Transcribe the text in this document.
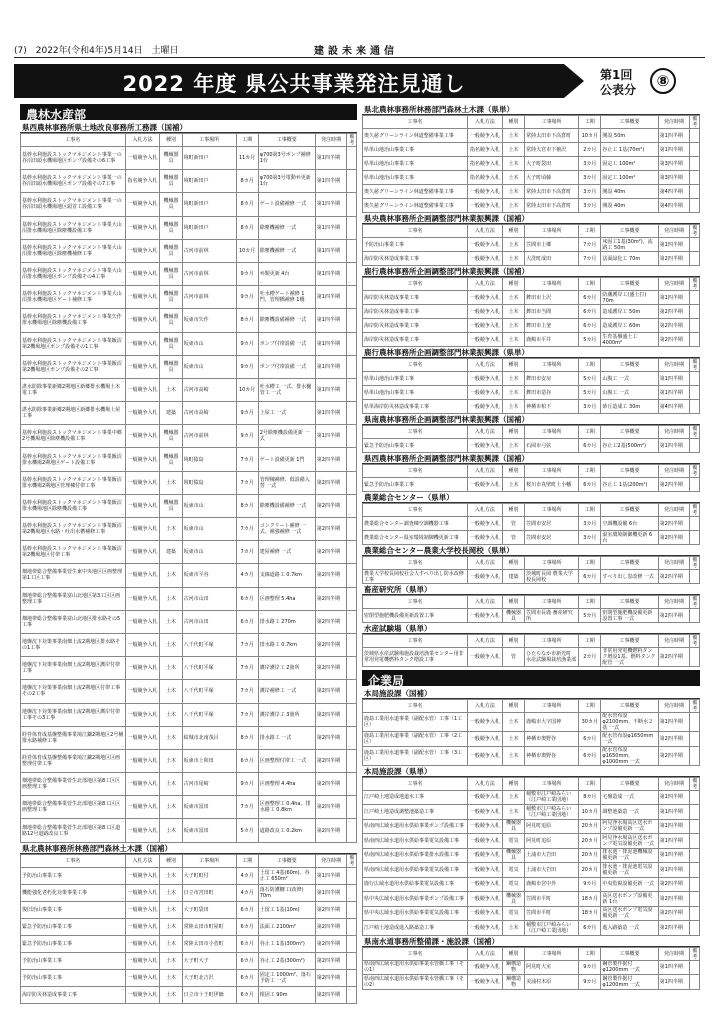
(7)　2022年(令和4年)5月14日　土曜日	建設未来通信
2022 年度 県公共事業発注見通し	第1回
公表分	⑧
農林水産部
県西農林事務所県土地改良事務所工務課（国補）
工事名	入札方法	種別	工事場所	工期	工事概要	発注時期	備考
基幹水利施設ストックマネジメント事業一の谷沼田頭水機場地区ポンプ設備その6工事	一般競争入札	機械器具	境町新田戸	11カ月	φ700第3号ポンプ補修 1台	第1四半期	
基幹水利施設ストックマネジメント事業一の谷沼田頭水機場地区ポンプ設備その7工事	指名競争入札	機械器具	境町新田戸	8カ月	φ700第3号電動弁更新 1台	第1四半期	
基幹水利施設ストックマネジメント事業一の谷沼田頭水機場地区頭首工設備工事	一般競争入札	機械器具	境町新田戸	8カ月	ゲート設備補修 一式	第1四半期	
基幹水利施設ストックマネジメント事業大山沼排水機場地区除塵機設備工事	一般競争入札	機械器具	境町新田戸	8カ月	除塵機補修 一式	第1四半期	
基幹水利施設ストックマネジメント事業大山沼排水機場地区除塵機補修工事	一般競争入札	機械器具	古河市前林	10カ月	除塵機補修 一式	第1四半期	
基幹水利施設ストックマネジメント事業大山沼排水機場地区ポンプ設備その4工事	一般競争入札	機械器具	古河市前林	9カ月	弁類更新 4台	第1四半期	
基幹水利施設ストックマネジメント事業大山沼排水機場地区ゲート補修工事	一般競争入札	機械器具	古河市前林	9カ月	吐水槽ゲート補修 1門、管理橋補修 1橋	第1四半期	
基幹水利施設ストックマネジメント事業矢作排水機場地区除塵機設備工事	一般競争入札	機械器具	坂東市矢作	8カ月	除塵機設備補修 一式	第1四半期	
基幹水利施設ストックマネジメント事業飯沼第2機場地区ポンプ設備その1工事	一般競争入札	機械器具	坂東市山	9カ月	ポンプ付帯設備 一式	第1四半期	
基幹水利施設ストックマネジメント事業飯沼第2機場地区ポンプ設備その2工事	一般競争入札	機械器具	坂東市山	9カ月	ポンプ付帯設備 一式	第1四半期	
湛水防除事業新郷2期地区新郷排水機場土木電工事	一般競争入札	土木	古河市高崎	10カ月	吐水槽工 一式、排水樋管工 一式	第1四半期	
湛水防除事業新郷2期地区新郷排水機場上屋工事	一般競争入札	建築	古河市高崎	9カ月	上屋工 一式	第1四半期	
基幹水利施設ストックマネジメント事業中郷2号機場地区除塵機設備工事	一般競争入札	機械器具	古河市前林	9カ月	2号除塵機設備更新 一式	第1四半期	
基幹水利施設ストックマネジメント事業飯沼排水機場2期地区ゲート設備工事	一般競争入札	機械器具	境町猿島	7カ月	ゲート設備更新 1門	第2四半期	
基幹水利施設ストックマネジメント事業飯沼排水機場2期地区管理棟付帯工事	一般競争入札	土木	境町猿島	7カ月	管理棟補修、低設備入替 一式	第2四半期	
基幹水利施設ストックマネジメント事業飯沼排水機場地区除塵機設備工事	一般競争入札	機械器具	坂東市山	8カ月	除塵機設備補修 一式	第2四半期	
基幹水利施設ストックマネジメント事業飯沼第2機場地区水路・吐出水槽補修工事	一般競争入札	土木	坂東市山	7カ月	コンクリート補修 一式、補強補修 一式	第2四半期	
基幹水利施設ストックマネジメント事業飯沼第2機場地区付帯工事	一般競争入札	建築	坂東市山	7カ月	建屋補修 一式	第2四半期	
畑地帯総合整備事業菅生東中央地区区画整理第1工区工事	一般競争入札	土木	坂東市平谷	4カ月	支線道路工 0.7km	第2四半期	
畑地帯総合整備事業富山北地区第3工区区画整理工事	一般競争入札	土木	古河市山田	6カ月	区画整理 5.4ha	第2四半期	
畑地帯総合整備事業富山北地区排水路その5工事	一般競争入札	土木	古河市山田	6カ月	排水路工 270m	第2四半期	
地盤沈下対策事業南畑上流2期地区排水路その1工事	一般競争入札	土木	八千代町平塚	7カ月	排水路工 0.7km	第2四半期	
地盤沈下対策事業南畑上流2期地区護岸付帯工事	一般競争入札	土木	八千代町平塚	7カ月	護岸護岸工 2箇所	第2四半期	
地盤沈下対策事業南畑上流2期地区付帯工事その2工事	一般競争入札	土木	八千代町平塚	7カ月	護岸補修工 一式	第2四半期	
地盤沈下対策事業南畑上流2期地区護岸付帯工事その3工事	一般競争入札	土木	八千代町平塚	7カ月	護岸護岸工 3箇所	第2四半期	
経営体育成基盤整備事業境江鎌2期地区2号桶排水路補修工事	一般競争入札	土木	結城市北南茂呂	8カ月	排水路工 一式	第2四半期	
経営体育成基盤整備事業境江鎌2期地区区画整理付帯工事	一般競争入札	土木	坂東市上和田	6カ月	区画整理付帯工 一式	第2四半期	
畑地帯総合整備事業菅生北部地区第8工区区画整理工事	一般競争入札	土木	古河市尾崎	9カ月	区画整理 4.4ha	第2四半期	
畑地帯総合整備事業菅生北部地区第8工区区画整理工事	一般競争入札	土木	坂東市冨田	7カ月	区画整理工 0.4ha、排水路工 0.8km	第2四半期	
畑地帯総合整備事業菅生北部地区第8工区道路12号道路改良工事	一般競争入札	土木	坂東市冨田	5カ月	道路改良工 0.2km	第2四半期	
県北農林事務所林務部門森林土木課（国補）
工事名	入札方法	種別	工事場所	工期	工事概要	発注時期	備考
予防治山事業工事	一般競争入札	土木	大子町町付	4カ月	土留工 4基(60m)、谷止工 650m²	第1四半期	
機能強化老朽化対策事業工事	一般競争入札	土木	日立市宮田町	4カ月	落石防護柵工(改修) 70m	第1四半期	
復旧治山事業工事	一般競争入札	土木	大子町袋田	6カ月	土留工 1基(10m)	第2四半期	
緊急予防治山事業工事	一般競争入札	土木	常陸太田市町屋町	6カ月	法面工 2100m²	第2四半期	
緊急予防治山事業工事	一般競争入札	土木	常陸太田市小菅町	6カ月	谷止工 1基(300m²)	第2四半期	
予防治山事業工事	一般競争入札	土木	大子町大子	6カ月	谷止工 2基(300m²)	第2四半期	
予防治山事業工事	一般競争入札	土木	大子町北吉沢	6カ月	固定工 1000m²、落石予防工 一式	第2四半期	
海岸防災林造成事業工事	一般競争入札	土木	日立市十王町伊師	6カ月	根固工 90m	第2四半期	
県北農林事務所林務部門森林土木課（県単）
工事名	入札方法	種別	工事場所	工期	工事概要	発注時期	備考
奥久慈グリーンライン林道整備事業工事	一般競争入札	土木	常陸太田市下高倉町	10カ月	開設 50m	第1四半期	
県単山地治山事業工事	指名競争入札	土木	常陸大宮市下檜沢	2カ月	谷止工 1基(70m²)	第1四半期	
県単山地治山事業工事	指名競争入札	土木	大子町袋田	3カ月	固定工 100m²	第3四半期	
県単山地治山事業工事	指名競争入札	土木	大子町頃藤	3カ月	固定工 100m²	第3四半期	
奥久慈グリーンライン林道整備事業工事	一般競争入札	土木	常陸太田市下高倉町	3カ月	開設 40m	第4四半期	
奥久慈グリーンライン林道整備事業工事	一般競争入札	土木	常陸太田市下高倉町	3カ月	開設 40m	第4四半期	
県央農林事務所企画調整部門林業振興課（国補）
工事名	入札方法	種別	工事場所	工期	工事概要	発注時期	備考
予防治山事業工事	一般競争入札	土木	笠間市上郷	7カ月	床固工1基(30m²)、流路工 50m	第1四半期	
海岸防災林造成事業工事	一般競争入札	土木	大洗町成田	7カ月	法面緑化工 70m	第2四半期	
鹿行農林事務所企画調整部門林業振興課（国補）
工事名	入札方法	種別	工事場所	工期	工事概要	発注時期	備考
海岸防災林造成事業工事	一般競争入札	土木	鉾田市上沢	6カ月	防潮護岸工(盛土打) 70m	第1四半期	
海岸防災林造成事業工事	一般競争入札	土木	鉾田市当間	6カ月	造成護岸工 50m	第2四半期	
海岸防災林造成事業工事	一般競争入札	土木	鉾田市上釜	6カ月	造成護岸工 60m	第2四半期	
海岸防災林造成事業工事	一般競争入札	土木	鹿嶋市平井	5カ月	生育基盤盛土工 4000m²	第2四半期	
鹿行農林事務所企画調整部門林業振興課（県単）
工事名	入札方法	種別	工事場所	工期	工事概要	発注時期	備考
県単山地治山事業工事	一般競争入札	土木	鉾田市安房	5カ月	山腹工 一式	第1四半期	
県単山地治山事業工事	一般競争入札	土木	鉾田市造谷	5カ月	山腹工 一式	第1四半期	
県単海岸防災林造成事業工事	一般競争入札	土木	神栖市柏下	3カ月	砂丘造成工 30m	第4四半期	
県南農林事務所企画調整部門林業振興課（国補）
工事名	入札方法	種別	工事場所	工期	工事概要	発注時期	備考
緊急予防治山事業工事	一般競争入札	土木	石岡市弓弦	6カ月	谷止工2基(500m²)	第1四半期	
県西農林事務所企画調整部門林業振興課（国補）
工事名	入札方法	種別	工事場所	工期	工事概要	発注時期	備考
緊急予防治山事業工事	一般競争入札	土木	桜川市真壁町上小幡	6カ月	谷止工 1基(200m²)	第2四半期	
農業総合センター（県単）
工事名	入札方法	種別	工事場所	工期	工事概要	発注時期	備考
農業総合センター調査棟空調機器工事	一般競争入札	管	笠間市安居	3カ月	空調機設備 6台	第2四半期	
農業総合センター温室環境制御機更新工事	一般競争入札	管	笠間市安居	3カ月	温室環境制御機更新 6台	第2四半期	
農業総合センター農業大学校長岡校（県単）
工事名	入札方法	種別	工事場所	工期	工事概要	発注時期	備考
農業大学校長岡校社会人すべり出し防水改修工事	一般競争入札	建築	茨城町長岡 農業大学校長岡校	6カ月	すべり出し窓改修 一式	第2四半期	
畜産研究所（県単）
工事名	入札方法	種別	工事場所	工期	工事概要	発注時期	備考
密閉型施肥機設備更新設置工事	一般競争入札	機械器具	笠間市長鹿 畜産研究所	5カ月	密閉型施肥機設備更新設置工事 一式	第2四半期	
水産試験場（県単）
工事名	入札方法	種別	工事場所	工期	工事概要	発注時期	備考
茨城県水産試験場施設栽培漁業センター用非常用発電機燃料タンク増設工事	一般競争入札	管	ひたちなか市新光町 水産試験場栽培漁業部	2カ月	非常用発電機燃料タンク増設1基、燃料タンク配管 一式	第2四半期	
企業局
本局施設課（国補）
工事名	入札方法	種別	工事場所	工期	工事概要	発注時期	備考
鹿島工業用水道事業（副配水管）工事（1工区）	一般競争入札	土木	鹿嶋市大字国神	30カ月	配水管布設φ2100mm、不断水２基 一式	第1四半期	
鹿島工業用水道事業（副配水管）工事（2工区）	一般競争入札	土木	神栖市奥野谷	6カ月	配水管布設φ1650mm 一式	第2四半期	
鹿島工業用水道事業（副配水管）工事（3工区）	一般競争入札	土木	神栖市奥野谷	6カ月	配水管布設φ1650mm、φ1000mm 一式	第2四半期	
本局施設課（県単）
工事名	入札方法	種別	工事場所	工期	工事概要	発注時期	備考
江戸崎土地造成地道水工事	一般競争入札	土木	稲敷市江戸崎みらい（江戸崎工業団地）	8カ月	宅盤造成 一式	第1四半期	
江戸崎土地造成調整池築造工事	一般競争入札	土木	稲敷市江戸崎みらい（江戸崎工業団地）	10カ月	調整池築造 一式	第1四半期	
県南西広域水道用水供給事業ポンプ設備工事	一般競争入札	機械器具	阿見町追原	20カ月	阿見浄水場高区送水ポンプ設備更新 一式	第1四半期	
県南西広域水道用水供給事業電気設備工事	一般競争入札	電気	阿見町追原	20カ月	阿見浄水場高区送水ポンプ電気設備更新 一式	第1四半期	
県南西広域水道用水供給事業排水設備工事	一般競争入札	機械器具	土浦市大岩田	20カ月	排水池・排泥池機械設備更新 一式	第1四半期	
県南西広域水道用水供給事業電気設備工事	一般競争入札	電気	土浦市大岩田	20カ月	排水池・排泥池電気設備更新 一式	第1四半期	
鹿行広域水道用水供給事業電気設備工事	一般競争入札	電気	鹿嶋市宮中外	9カ月	中央監視設備更新 一式	第2四半期	
県中央広域水道用水供給事業ポンプ設備工事	一般競争入札	機械器具	笠間市平町	18カ月	高区送水ポンプ設備更新 1台	第2四半期	
県中央広域水道用水供給事業電気設備工事	一般競争入札	電気	笠間市平町	18カ月	高区送水ポンプ電気設備更新 一式	第2四半期	
江戸崎土地造成進入路築造工事	一般競争入札	土木	稲敷市江戸崎みらい（江戸崎工業団地）	6カ月	進入路築造 一式	第2四半期	
県南水道事務所整備課・施設課（国補）
工事名	入札方法	種別	工事場所	工期	工事概要	発注時期	備考
県南西広域水道用水供給事業水管橋工事（その1）	一般競争入札	鋼構造物	阿見町大室	9カ月	鋼管製作据付φ1200mm 一式	第1四半期	
県南西広域水道用水供給事業水管橋工事（その2）	一般競争入札	鋼構造物	美浦村木原	9カ月	鋼管製作据付φ1200mm 一式	第1四半期	
